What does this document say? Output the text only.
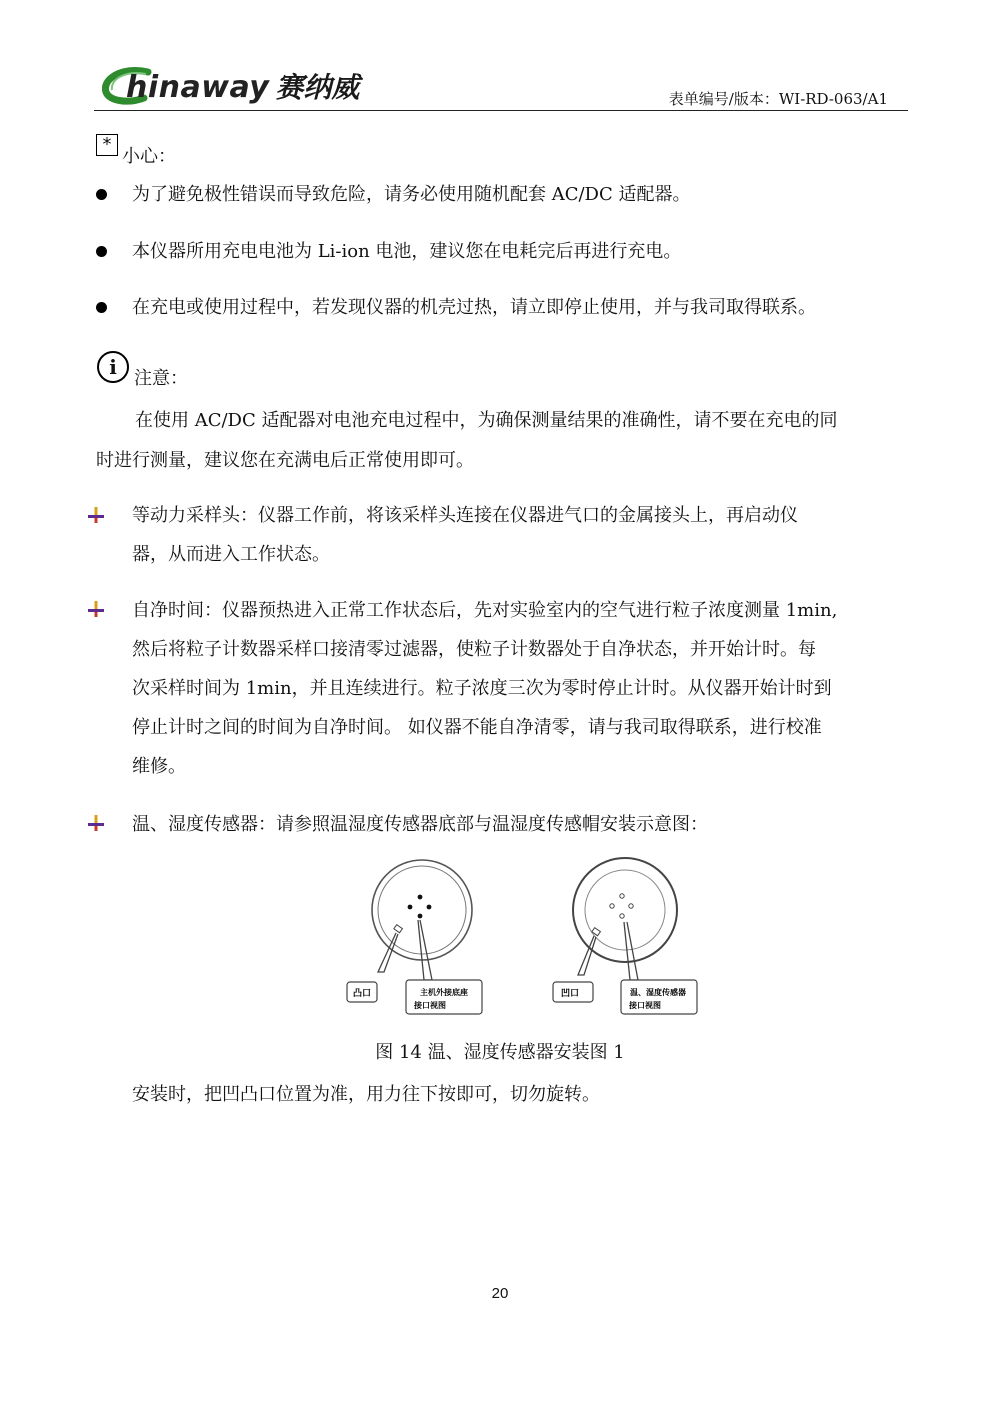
hinaway 赛纳威	表单编号/版本：WI-RD-063/A1
*
小心：
为了避免极性错误而导致危险，请务必使用随机配套 AC/DC 适配器。
本仪器所用充电电池为 Li-ion 电池，建议您在电耗完后再进行充电。
在充电或使用过程中，若发现仪器的机壳过热，请立即停止使用，并与我司取得联系。
i 注意：
在使用 AC/DC 适配器对电池充电过程中，为确保测量结果的准确性，请不要在充电的同
时进行测量，建议您在充满电后正常使用即可。
等动力采样头：仪器工作前，将该采样头连接在仪器进气口的金属接头上，再启动仪
器，从而进入工作状态。
自净时间：仪器预热进入正常工作状态后，先对实验室内的空气进行粒子浓度测量 1min,
然后将粒子计数器采样口接清零过滤器，使粒子计数器处于自净状态，并开始计时。每
次采样时间为 1min，并且连续进行。粒子浓度三次为零时停止计时。从仪器开始计时到
停止计时之间的时间为自净时间。 如仪器不能自净清零，请与我司取得联系，进行校准
维修。
温、湿度传感器：请参照温湿度传感器底部与温湿度传感帽安装示意图：
凸口	主机外接底座
接口视图
凹口	温、湿度传感器
接口视图
图 14 温、湿度传感器安装图 1
安装时，把凹凸口位置为准，用力往下按即可，切勿旋转。
20
